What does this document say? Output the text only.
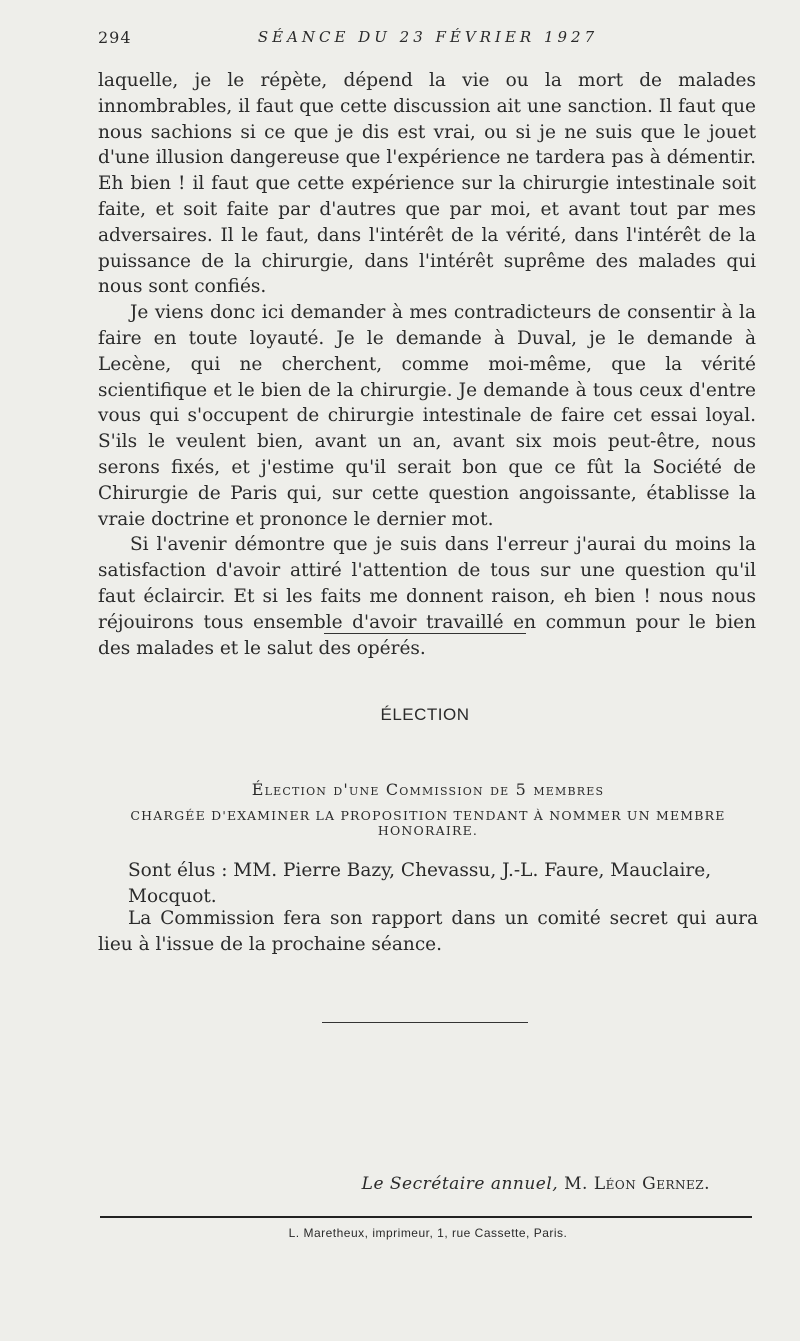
294	SÉANCE DU 23 FÉVRIER 1927

laquelle, je le répète, dépend la vie ou la mort de malades innombrables, il faut que cette discussion ait une sanction. Il faut que nous sachions si ce que je dis est vrai, ou si je ne suis que le jouet d'une illusion dangereuse que l'expérience ne tardera pas à démentir. Eh bien ! il faut que cette expérience sur la chirurgie intestinale soit faite, et soit faite par d'autres que par moi, et avant tout par mes adversaires. Il le faut, dans l'intérêt de la vérité, dans l'intérêt de la puissance de la chirurgie, dans l'intérêt suprême des malades qui nous sont confiés.

Je viens donc ici demander à mes contradicteurs de consentir à la faire en toute loyauté. Je le demande à Duval, je le demande à Lecène, qui ne cherchent, comme moi-même, que la vérité scientifique et le bien de la chirurgie. Je demande à tous ceux d'entre vous qui s'occupent de chirurgie intestinale de faire cet essai loyal. S'ils le veulent bien, avant un an, avant six mois peut-être, nous serons fixés, et j'estime qu'il serait bon que ce fût la Société de Chirurgie de Paris qui, sur cette question angoissante, établisse la vraie doctrine et prononce le dernier mot.

Si l'avenir démontre que je suis dans l'erreur j'aurai du moins la satisfaction d'avoir attiré l'attention de tous sur une question qu'il faut éclaircir. Et si les faits me donnent raison, eh bien ! nous nous réjouirons tous ensemble d'avoir travaillé en commun pour le bien des malades et le salut des opérés.

ÉLECTION
Élection d'une Commission de 5 membres
CHARGÉE D'EXAMINER LA PROPOSITION TENDANT À NOMMER UN MEMBRE HONORAIRE.
Sont élus : MM. Pierre Bazy, Chevassu, J.-L. Faure, Mauclaire, Mocquot.
La Commission fera son rapport dans un comité secret qui aura lieu à l'issue de la prochaine séance.
Le Secrétaire annuel, M. Léon Gernez.
L. Maretheux, imprimeur, 1, rue Cassette, Paris.
